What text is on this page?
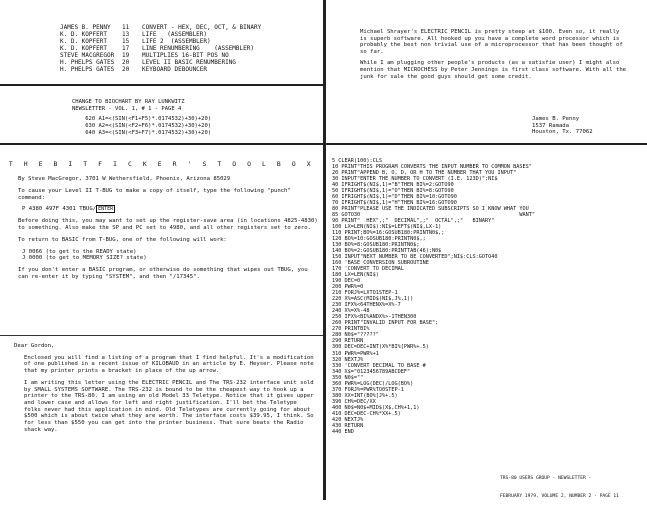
JAMES B. PENNY 11 CONVERT - HEX, DEC, OCT, & BINARY
K. D. KOPFERT	13 LIFE   (ASSEMBLER)
K. D. KOPFERT	15 LIFE 2  (ASSEMBLER)
K. D. KOPFERT	17 LINE RENUMBERING    (ASSEMBLER)
STEVE MACGREGOR 19 MULTIPLIES 16-BIT POS NO
H. PHELPS GATES 20 LEVEL II BASIC RENUMBERING
H. PHELPS GATES 20 KEYBOARD DEBOUNCER
CHANGE TO BIOCHART BY RAY LUNKWITZ
NEWSLETTER - VOL. 1, # 1 - PAGE 4
620 A1=<(SIN(<F1+F5)*.0174532)+30)+20)
630 A2=<(SIN(<F2+F6)*.0174532)+30)+20)
640 A3=<(SIN(<F3+F7)*.0174532)+30)+20)
T H E B I T F I C K E R ' S T O O L B O X

By Steve MacGregor, 3701 W Wethersfield, Phoenix, Arizona 85029

To cause your Level II T-BUG to make a copy of itself, type the following "punch" command:

P 4380 497F 4301 TBUG/ ENTER

Before doing this, you may want to set up the register-save area (in locations 4825-4830) to something. Also make the SP and PC set to 4980, and all other registers set to zero.

To return to BASIC from T-BUG, one of the following will work:

J 0066 (to get to the READY state)

J 0000 (to get to MEMORY SIZE? state)

If you don't enter a BASIC program, or otherwise do something that wipes out TBUG, you can re-enter it by typing "SYSTEM", and then "/17345".

Dear Gordon,

Enclosed you will find a listing of a program that I find helpful. It's a modification of one published in a recent issue of KILOBAUD in an article by E. Heyser. Please note that my printer prints a bracket in place of the up arrow.

I am writing this letter using the ELECTRIC PENCIL and The TRS-232 interface unit sold by SMALL SYSTEMS SOFTWARE. The TRS-232 is bound to be the cheapest way to hook up a printer to the TRS-80. I am using an old Model 33 Teletype. Notice that it gives upper and lower case and allows for left and right justification. I'll bet the Teletype folks never had this application in mind. Old Teletypes are currently going for about $500 which is about twice what they are worth. The interface costs $39.95, I think. So for less than $550 you can get into the printer business. That sure beats the Radio shack way.

Michael Shrayer's ELECTRIC PENCIL is pretty steep at $100. Even so, it really is superb software. All hooked up you have a complete word processor which is probably the best non trivial use of a microprocessor that has been thought of so far.

While I am plugging other people's products (as a satisfie user) I might also mention that MICROCHESS by Peter Jennings is first class software. With all the junk for sale the good guys should get some credit.

James B. Penny
1537 Ramada
Houston, Tx. 77062
5 CLEAR(100):CLS
10 PRINT"THIS PROGRAM CONVERTS THE INPUT NUMBER TO COMMON BASES"
20 PRINT"APPEND B, O, D, OR H TO THE NUMBER THAT YOU INPUT"
30 INPUT"ENTER THE NUMBER TO CONVERT (I.E. 123D)";NI$
40 IFRIGHT$(NI$,1)="B"THEN BI%=2:GOTO90
50 IFRIGHT$(NI$,1)="O"THEN BI%=8:GOTO90
60 IFRIGHT$(NI$,1)="D"THEN BI%=10:GOTO90
70 IFRIGHT$(NI$,1)="H"THEN BI%=16:GOTO90
80 PRINT"PLEASE USE THE INDICATED SUBSCRIPTS SO I KNOW WHAT YOU
85 GOTO30                                                   WANT"
90 PRINT"  HEX",;"  DECIMAL",;"  OCTAL",;"   BINARY"
100 LX=LEN(NI$):NI$=LEFT$(NI$,LX-1)
110 PRINT;BO%=16:GOSUB180:PRINTN0$,;
120 BO%=10:GOSUB180:PRINTN0$,;
130 BO%=8:GOSUB180:PRINTN0$;
140 BO%=2:GOSUB180:PRINTTAB(46);N0$
150 INPUT"NEXT NUMBER TO BE CONVERTED";NI$:CLS:GOTO40
160 'BASE CONVERSION SUBROUTINE
170 'CONVERT TO DECIMAL
180 LX=LEN(NI$)
190 DEC=0
200 PWR%=0
210 FORJ%=LXTO1STEP-1
220 X%=ASC(MID$(NI$,J%,1))
230 IFX%<64THENX%=X%-7
240 X%=X%-48
250 IFX%<BI%ANDX%>-1THEN300
260 PRINT"INVALID INPUT FOR BASE";
270 PRINTBI%
280 N0$="?????"
290 RETURN
300 DEC=DEC+INT(X%*BI%[PWR%+.5)
310 PWR%=PWR%+1
320 NEXTJ%
330 'CONVERT DECIMAL TO BASE #
340 X$="0123456789ABCDEF"
350 N0$=""
360 PWR%=LOG(DEC)/LOG(BO%)
370 FORJ%=PWR%TO0STEP-1
380 XX=INT(BO%[J%+.5)
390 CH%=DEC/XX
400 N0$=N0$+MID$(X$,CH%+1,1)
410 DEC=DEC-CH%*XX+.5)
420 NEXTJ%
430 RETURN
440 END

TRS-80 USERS GROUP - NEWSLETTER -

FEBRUARY 1979, VOLUME 2, NUMBER 2 - PAGE 11
